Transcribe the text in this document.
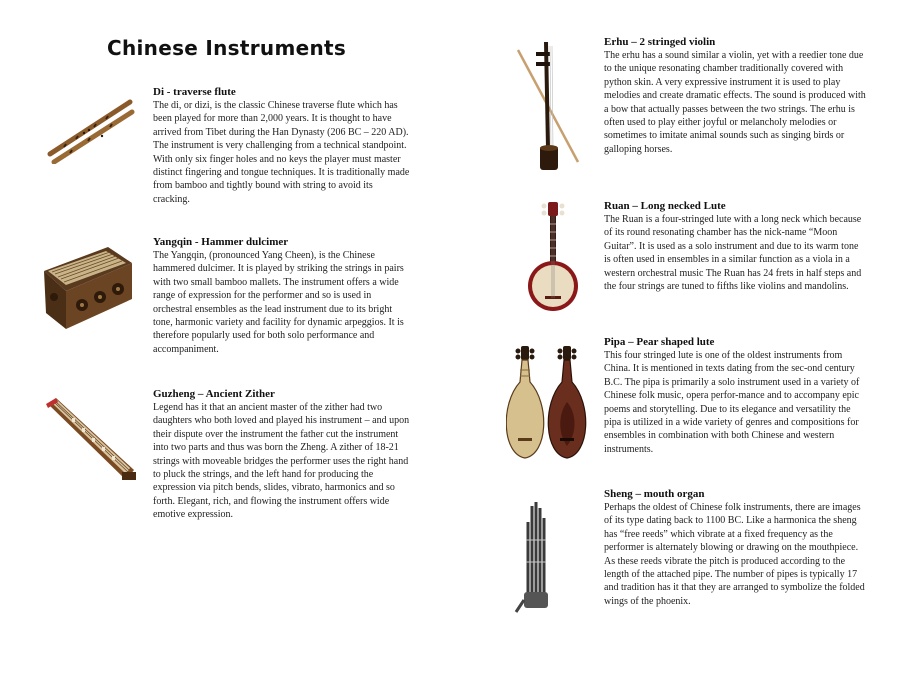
Chinese Instruments
Di - traverse flute

The di, or dizi, is the classic Chinese traverse flute which has been played for more than 2,000 years. It is thought to have arrived from Tibet during the Han Dynasty (206 BC – 220 AD). The instrument is very challenging from a technical standpoint. With only six finger holes and no keys the player must master distinct fingering and tongue techniques. It is traditionally made from bamboo and tightly bound with string to avoid its cracking.

Yangqin - Hammer dulcimer

The Yangqin, (pronounced Yang Cheen), is the Chinese hammered dulcimer. It is played by striking the strings in pairs with two small bamboo mallets. The instrument offers a wide range of expression for the performer and so is used in orchestral ensembles as the lead instrument due to its bright tone, harmonic variety and facility for dynamic arpeggios. It is therefore popularly used for both solo performance and accompaniment.

Guzheng – Ancient Zither

Legend has it that an ancient master of the zither had two daughters who both loved and played his instrument – and upon their dispute over the instrument the father cut the instrument into two parts and thus was born the Zheng. A zither of 18-21 strings with moveable bridges the performer uses the right hand to pluck the strings, and the left hand for producing the expression via pitch bends, slides, vibrato, harmonics and so forth. Elegant, rich, and flowing the instrument offers wide emotive expression.

Erhu – 2 stringed violin

The erhu has a sound similar a violin, yet with a reedier tone due to the unique resonating chamber traditionally covered with python skin. A very expressive instrument it is used to play melodies and create dramatic effects. The sound is produced with a bow that actually passes between the two strings. The erhu is often used to play either joyful or melancholy melodies or sometimes to imitate animal sounds such as singing birds or galloping horses.

Ruan – Long necked Lute

The Ruan is a four-stringed lute with a long neck which because of its round resonating chamber has the nick-name “Moon Guitar”. It is used as a solo instrument and due to its warm tone is often used in ensembles in a similar function as a viola in a western orchestral music The Ruan has 24 frets in half steps and the four strings are tuned to fifths like violins and mandolins.

Pipa – Pear shaped lute

This four stringed lute is one of the oldest instruments from China. It is mentioned in texts dating from the sec-ond century B.C. The pipa is primarily a solo instrument used in a variety of Chinese folk music, opera perfor-mance and to accompany epic poems and storytelling. Due to its elegance and versatility the pipa is utilized in a wide variety of genres and compositions for ensembles in combination with both Chinese and western instruments.

Sheng – mouth organ

Perhaps the oldest of Chinese folk instruments, there are images of its type dating back to 1100 BC. Like a harmonica the sheng has “free reeds” which vibrate at a fixed frequency as the performer is alternately blowing or drawing on the mouthpiece. As these reeds vibrate the pitch is produced according to the length of the attached pipe. The number of pipes is typically 17 and tradition has it that they are arranged to symbolize the folded wings of the phoenix.
